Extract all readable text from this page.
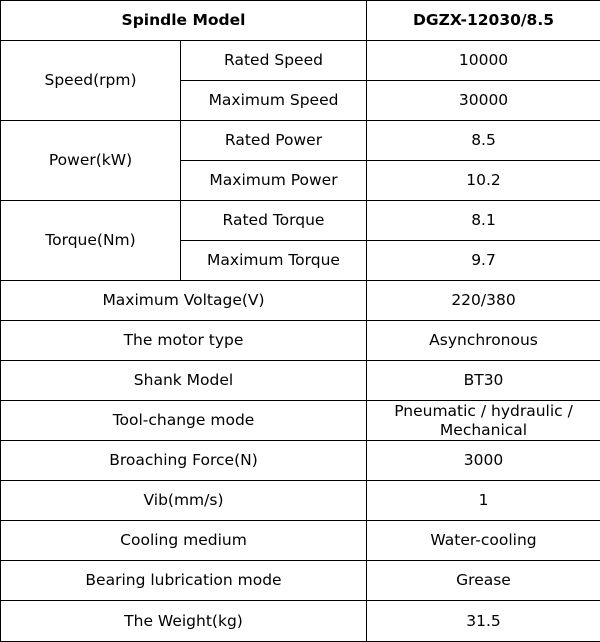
Spindle Model		DGZX-12030/8.5
Speed(rpm)	Rated Speed	10000
	Maximum Speed	30000
Power(kW)	Rated Power	8.5
	Maximum Power	10.2
Torque(Nm)	Rated Torque	8.1
	Maximum Torque	9.7
Maximum Voltage(V)		220/380
The motor type		Asynchronous
Shank Model		BT30
Tool-change mode		Pneumatic / hydraulic /
Mechanical

Broaching Force(N)		3000
Vib(mm/s)		1
Cooling medium		Water-cooling
Bearing lubrication mode		Grease
The Weight(kg)		31.5
